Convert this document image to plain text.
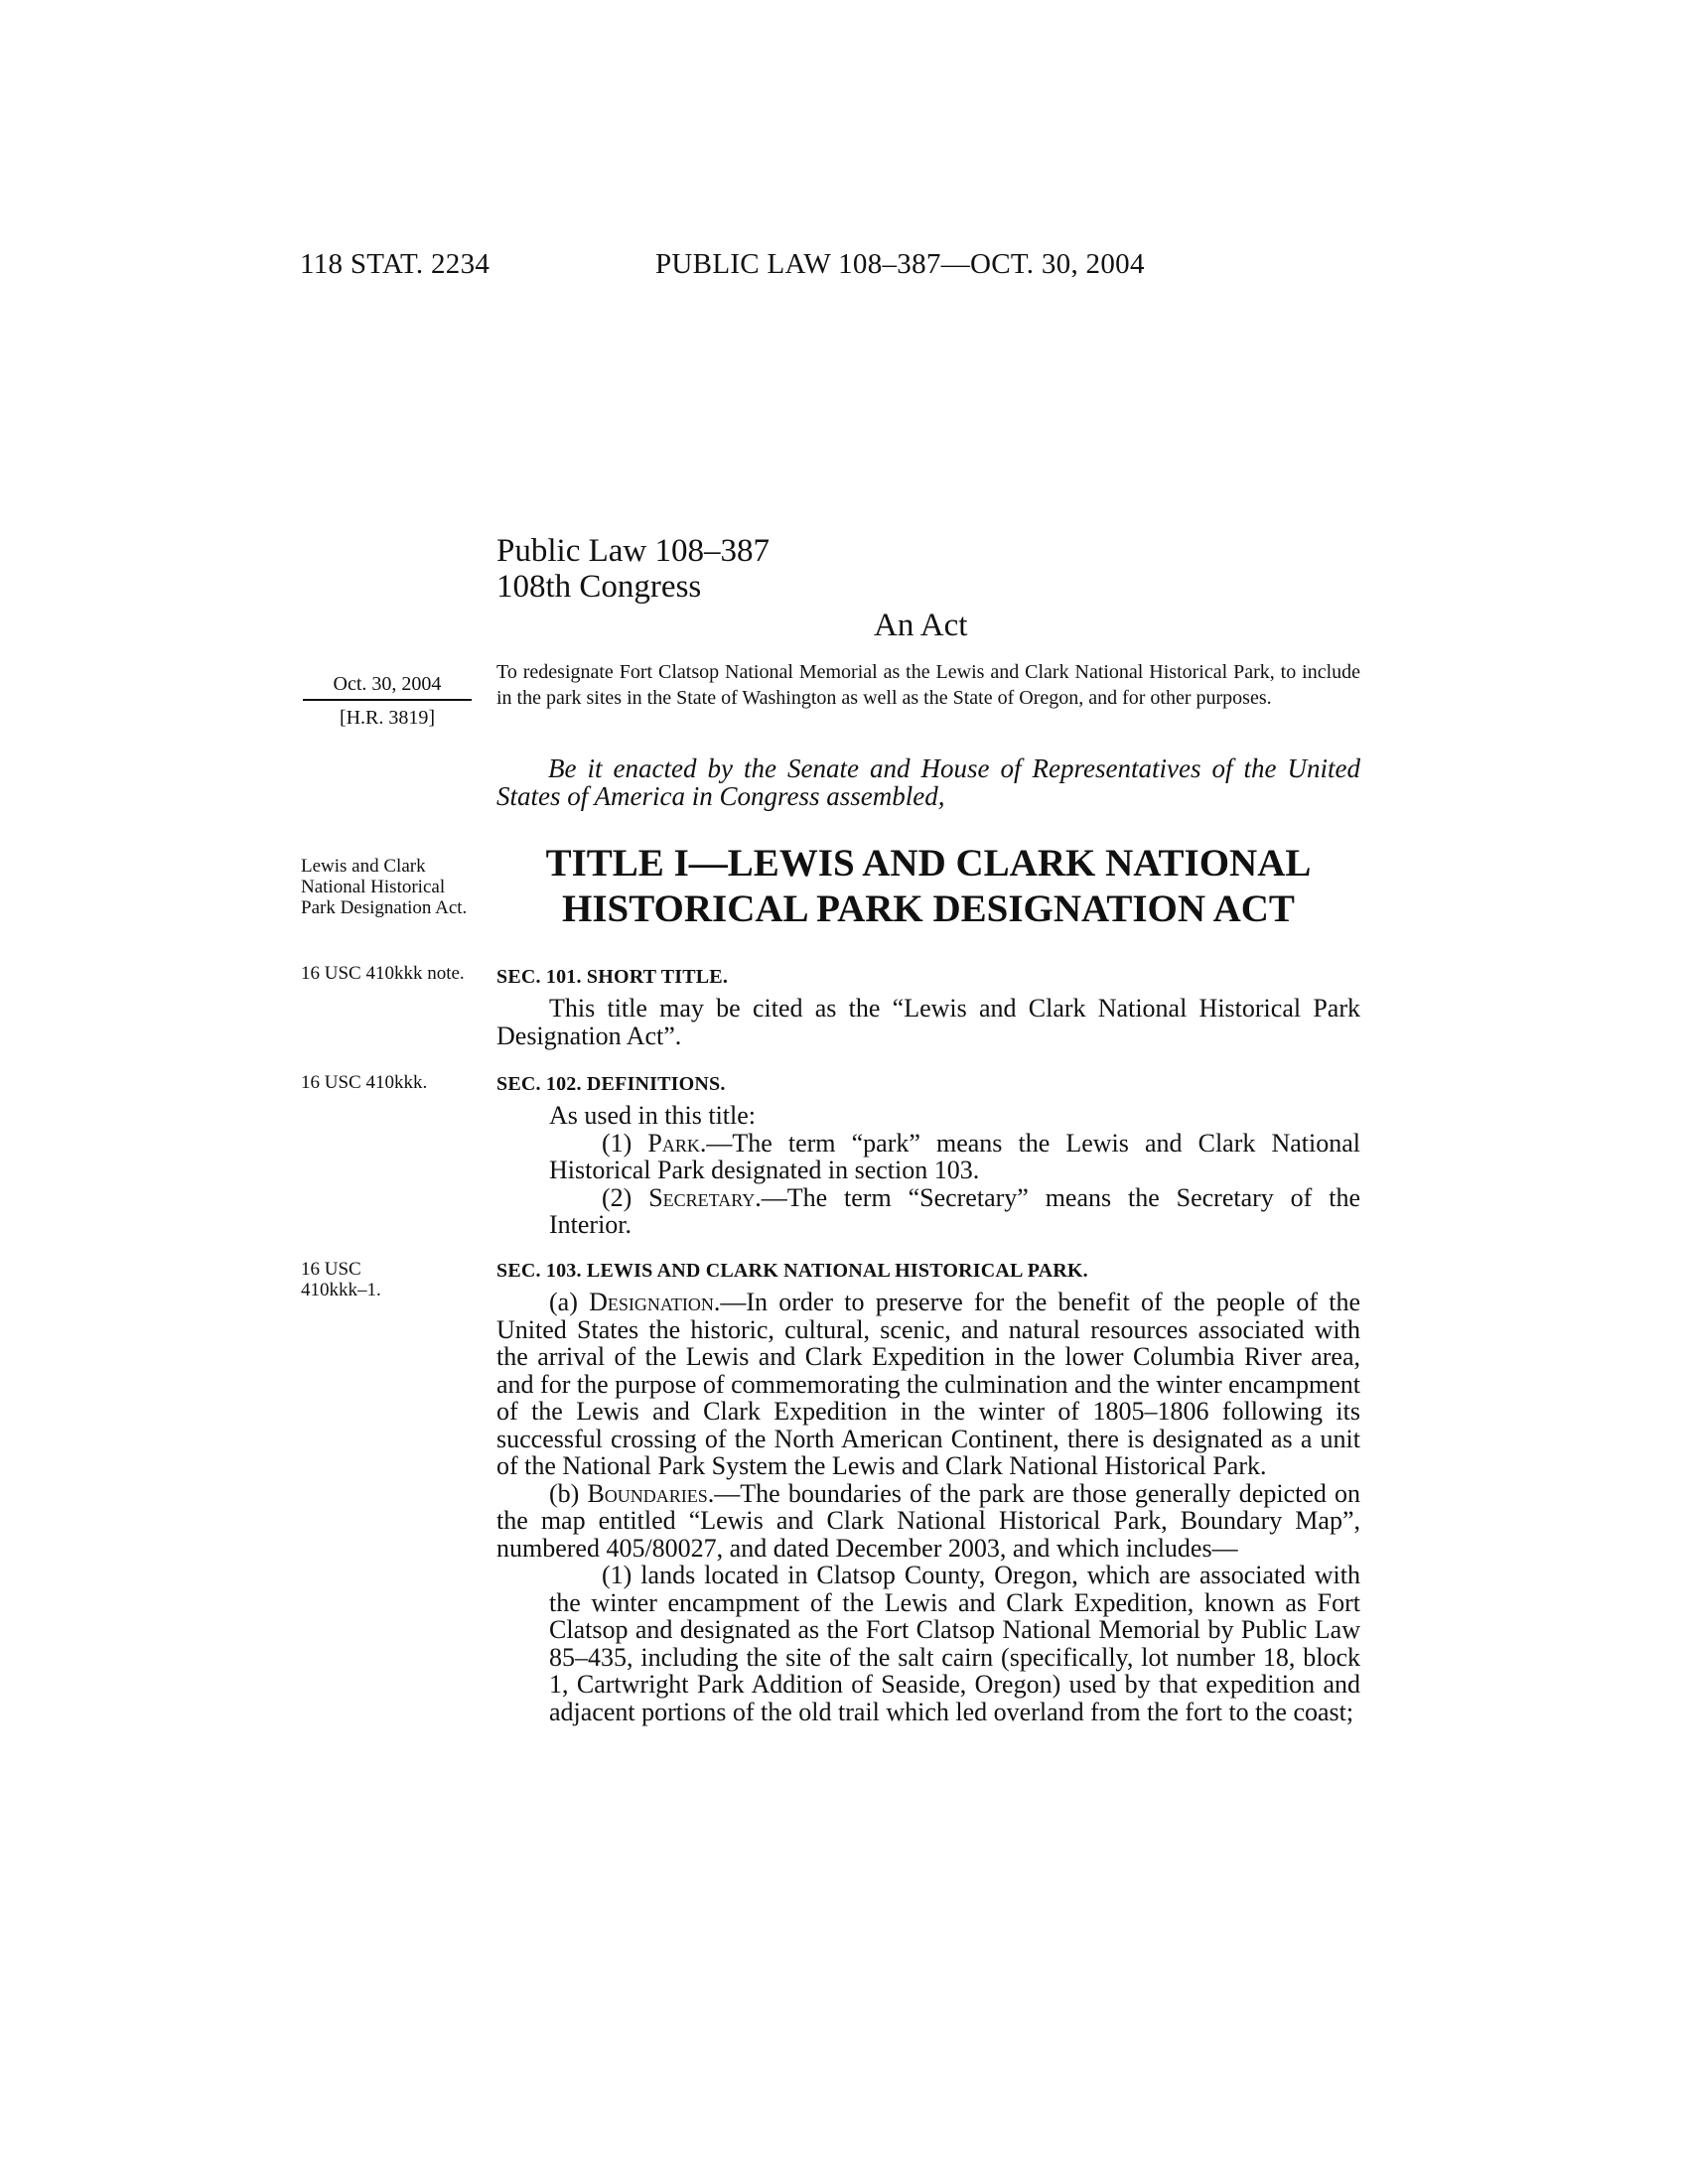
118 STAT. 2234	PUBLIC LAW 108–387—OCT. 30, 2004
Public Law 108–387
108th Congress
An Act
Oct. 30, 2004
[H.R. 3819]
To redesignate Fort Clatsop National Memorial as the Lewis and Clark National Historical Park, to include in the park sites in the State of Washington as well as the State of Oregon, and for other purposes.

Be it enacted by the Senate and House of Representatives of the United States of America in Congress assembled,

Lewis and Clark National Historical Park Designation Act.
TITLE I—LEWIS AND CLARK NATIONAL
HISTORICAL PARK DESIGNATION ACT
16 USC 410kkk note.	SEC. 101. SHORT TITLE.

This title may be cited as the “Lewis and Clark National Historical Park Designation Act”.

16 USC 410kkk.	SEC. 102. DEFINITIONS.

As used in this title:

(1) Park.—The term “park” means the Lewis and Clark National Historical Park designated in section 103.

(2) Secretary.—The term “Secretary” means the Secretary of the Interior.

16 USC 410kkk–1.
SEC. 103. LEWIS AND CLARK NATIONAL HISTORICAL PARK.

(a) Designation.—In order to preserve for the benefit of the people of the United States the historic, cultural, scenic, and natural resources associated with the arrival of the Lewis and Clark Expedition in the lower Columbia River area, and for the purpose of commemorating the culmination and the winter encampment of the Lewis and Clark Expedition in the winter of 1805–1806 following its successful crossing of the North American Continent, there is designated as a unit of the National Park System the Lewis and Clark National Historical Park.

(b) Boundaries.—The boundaries of the park are those generally depicted on the map entitled “Lewis and Clark National Historical Park, Boundary Map”, numbered 405/80027, and dated December 2003, and which includes—

(1) lands located in Clatsop County, Oregon, which are associated with the winter encampment of the Lewis and Clark Expedition, known as Fort Clatsop and designated as the Fort Clatsop National Memorial by Public Law 85–435, including the site of the salt cairn (specifically, lot number 18, block 1, Cartwright Park Addition of Seaside, Oregon) used by that expedition and adjacent portions of the old trail which led overland from the fort to the coast;
